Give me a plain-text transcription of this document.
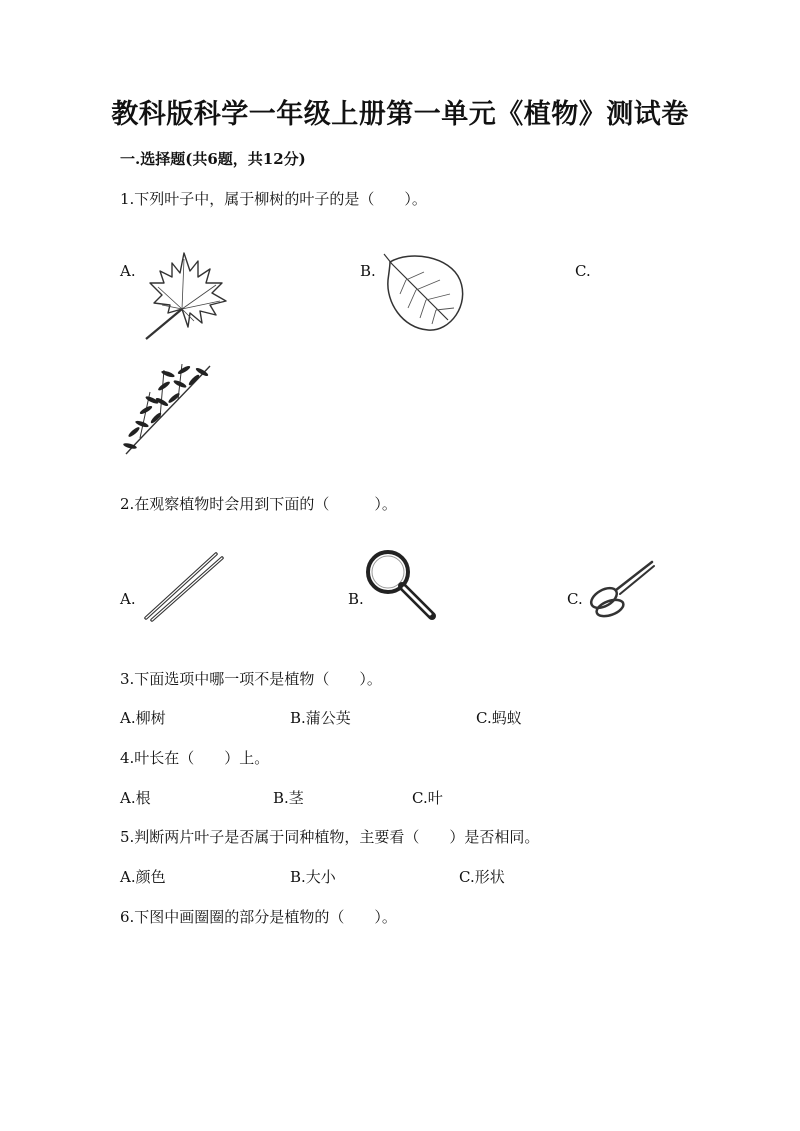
教科版科学一年级上册第一单元《植物》测试卷
一.选择题(共6题，共12分)
1.下列叶子中，属于柳树的叶子的是（　　）。
A.	B.	C.
2.在观察植物时会用到下面的（　　　）。
A.	B.	C.
3.下面选项中哪一项不是植物（　　）。
A.柳树	B.蒲公英	C.蚂蚁
4.叶长在（　　）上。
A.根	B.茎	C.叶
5.判断两片叶子是否属于同种植物，主要看（　　）是否相同。
A.颜色	B.大小	C.形状
6.下图中画圈圈的部分是植物的（　　）。
